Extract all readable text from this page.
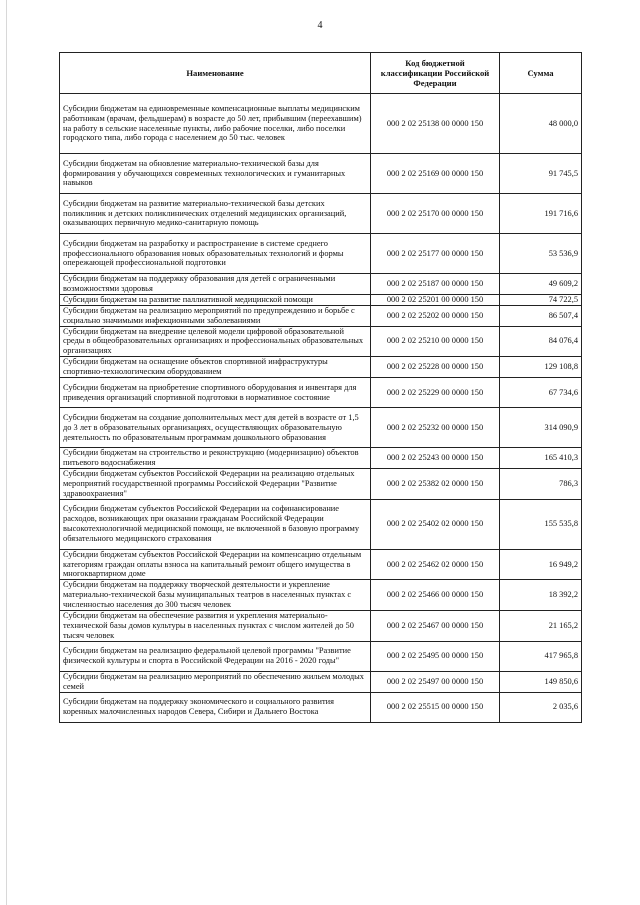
4
Наименование	Код бюджетной классификации Российской Федерации	Сумма
Субсидии бюджетам на единовременные компенсационные выплаты медицинским работникам (врачам, фельдшерам) в возрасте до 50 лет, прибывшим (переехавшим) на работу в сельские населенные пункты, либо рабочие поселки, либо поселки городского типа, либо города с населением до 50 тыс. человек	000 2 02 25138 00 0000 150	48 000,0
Субсидии бюджетам на обновление материально-технической базы для формирования у обучающихся современных технологических и гуманитарных навыков	000 2 02 25169 00 0000 150	91 745,5
Субсидии бюджетам на развитие материально-технической базы детских поликлиник и детских поликлинических отделений медицинских организаций, оказывающих первичную медико-санитарную помощь	000 2 02 25170 00 0000 150	191 716,6
Субсидии бюджетам на разработку и распространение в системе среднего профессионального образования новых образовательных технологий и формы опережающей профессиональной подготовки	000 2 02 25177 00 0000 150	53 536,9
Субсидии бюджетам на поддержку образования для детей с ограниченными возможностями здоровья	000 2 02 25187 00 0000 150	49 609,2
Субсидии бюджетам на развитие паллиативной медицинской помощи	000 2 02 25201 00 0000 150	74 722,5
Субсидии бюджетам на реализацию мероприятий по предупреждению и борьбе с социально значимыми инфекционными заболеваниями	000 2 02 25202 00 0000 150	86 507,4
Субсидии бюджетам на внедрение целевой модели цифровой образовательной среды в общеобразовательных организациях и профессиональных образовательных организациях	000 2 02 25210 00 0000 150	84 076,4
Субсидии бюджетам на оснащение объектов спортивной инфраструктуры спортивно-технологическим оборудованием	000 2 02 25228 00 0000 150	129 108,8
Субсидии бюджетам на приобретение спортивного оборудования и инвентаря для приведения организаций спортивной подготовки в нормативное состояние	000 2 02 25229 00 0000 150	67 734,6
Субсидии бюджетам на создание дополнительных мест для детей в возрасте от 1,5 до 3 лет в образовательных организациях, осуществляющих образовательную деятельность по образовательным программам дошкольного образования	000 2 02 25232 00 0000 150	314 090,9
Субсидии бюджетам на строительство и реконструкцию (модернизацию) объектов питьевого водоснабжения	000 2 02 25243 00 0000 150	165 410,3
Субсидии бюджетам субъектов Российской Федерации на реализацию отдельных мероприятий государственной программы Российской Федерации "Развитие здравоохранения"	000 2 02 25382 02 0000 150	786,3
Субсидии бюджетам субъектов Российской Федерации на софинансирование расходов, возникающих при оказании гражданам Российской Федерации высокотехнологичной медицинской помощи, не включенной в базовую программу обязательного медицинского страхования	000 2 02 25402 02 0000 150	155 535,8
Субсидии бюджетам субъектов Российской Федерации на компенсацию отдельным категориям граждан оплаты взноса на капитальный ремонт общего имущества в многоквартирном доме	000 2 02 25462 02 0000 150	16 949,2
Субсидии бюджетам на поддержку творческой деятельности и укрепление материально-технической базы муниципальных театров в населенных пунктах с численностью населения до 300 тысяч человек	000 2 02 25466 00 0000 150	18 392,2
Субсидии бюджетам на обеспечение развития и укрепления материально-технической базы домов культуры в населенных пунктах с числом жителей до 50 тысяч человек	000 2 02 25467 00 0000 150	21 165,2
Субсидии бюджетам на реализацию федеральной целевой программы "Развитие физической культуры и спорта в Российской Федерации на 2016 - 2020 годы"	000 2 02 25495 00 0000 150	417 965,8
Субсидии бюджетам на реализацию мероприятий по обеспечению жильем молодых семей	000 2 02 25497 00 0000 150	149 850,6
Субсидии бюджетам на поддержку экономического и социального развития коренных малочисленных народов Севера, Сибири и Дальнего Востока	000 2 02 25515 00 0000 150	2 035,6
